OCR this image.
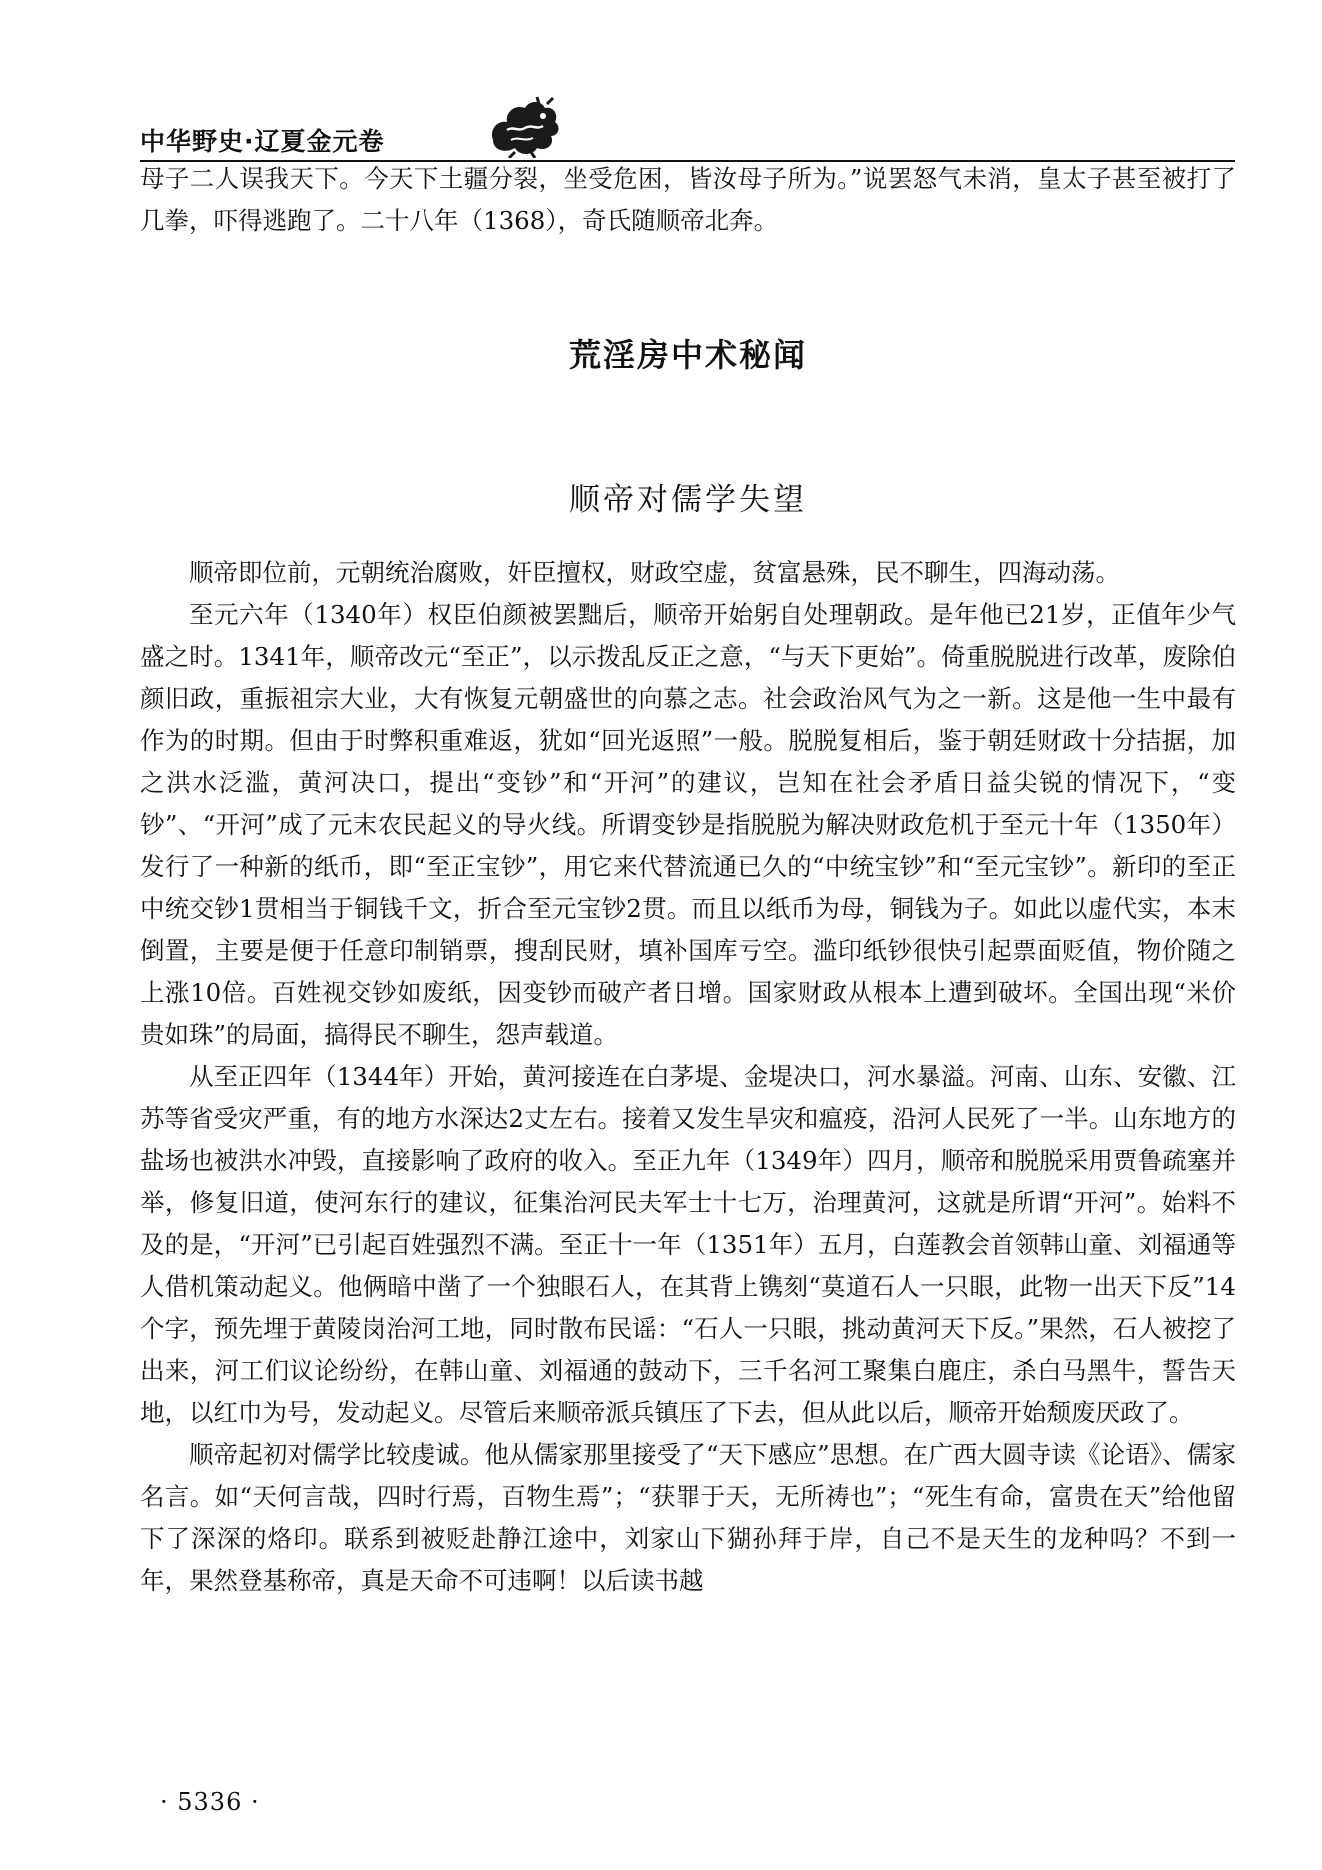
中华野史·辽夏金元卷

母子二人误我天下。今天下土疆分裂，坐受危困，皆汝母子所为。”说罢怒气未消，皇太子甚至被打了几拳，吓得逃跑了。二十八年（1368），奇氏随顺帝北奔。

荒淫房中术秘闻
顺帝对儒学失望

顺帝即位前，元朝统治腐败，奸臣擅权，财政空虚，贫富悬殊，民不聊生，四海动荡。

至元六年（1340年）权臣伯颜被罢黜后，顺帝开始躬自处理朝政。是年他已21岁，正值年少气盛之时。1341年，顺帝改元“至正”，以示拨乱反正之意，“与天下更始”。倚重脱脱进行改革，废除伯颜旧政，重振祖宗大业，大有恢复元朝盛世的向慕之志。社会政治风气为之一新。这是他一生中最有作为的时期。但由于时弊积重难返，犹如“回光返照”一般。脱脱复相后，鉴于朝廷财政十分拮据，加之洪水泛滥，黄河决口，提出“变钞”和“开河”的建议，岂知在社会矛盾日益尖锐的情况下，“变钞”、“开河”成了元末农民起义的导火线。所谓变钞是指脱脱为解决财政危机于至元十年（1350年）发行了一种新的纸币，即“至正宝钞”，用它来代替流通已久的“中统宝钞”和“至元宝钞”。新印的至正中统交钞1贯相当于铜钱千文，折合至元宝钞2贯。而且以纸币为母，铜钱为子。如此以虚代实，本末倒置，主要是便于任意印制销票，搜刮民财，填补国库亏空。滥印纸钞很快引起票面贬值，物价随之上涨10倍。百姓视交钞如废纸，因变钞而破产者日增。国家财政从根本上遭到破坏。全国出现“米价贵如珠”的局面，搞得民不聊生，怨声载道。

从至正四年（1344年）开始，黄河接连在白茅堤、金堤决口，河水暴溢。河南、山东、安徽、江苏等省受灾严重，有的地方水深达2丈左右。接着又发生旱灾和瘟疫，沿河人民死了一半。山东地方的盐场也被洪水冲毁，直接影响了政府的收入。至正九年（1349年）四月，顺帝和脱脱采用贾鲁疏塞并举，修复旧道，使河东行的建议，征集治河民夫军士十七万，治理黄河，这就是所谓“开河”。始料不及的是，“开河”已引起百姓强烈不满。至正十一年（1351年）五月，白莲教会首领韩山童、刘福通等人借机策动起义。他俩暗中凿了一个独眼石人，在其背上镌刻“莫道石人一只眼，此物一出天下反”14个字，预先埋于黄陵岗治河工地，同时散布民谣：“石人一只眼，挑动黄河天下反。”果然，石人被挖了出来，河工们议论纷纷，在韩山童、刘福通的鼓动下，三千名河工聚集白鹿庄，杀白马黑牛，誓告天地，以红巾为号，发动起义。尽管后来顺帝派兵镇压了下去，但从此以后，顺帝开始颓废厌政了。

顺帝起初对儒学比较虔诚。他从儒家那里接受了“天下感应”思想。在广西大圆寺读《论语》、儒家名言。如“天何言哉，四时行焉，百物生焉”；“获罪于天，无所祷也”；“死生有命，富贵在天”给他留下了深深的烙印。联系到被贬赴静江途中，刘家山下猢孙拜于岸，自己不是天生的龙种吗？不到一年，果然登基称帝，真是天命不可违啊！以后读书越

· 5336 ·
